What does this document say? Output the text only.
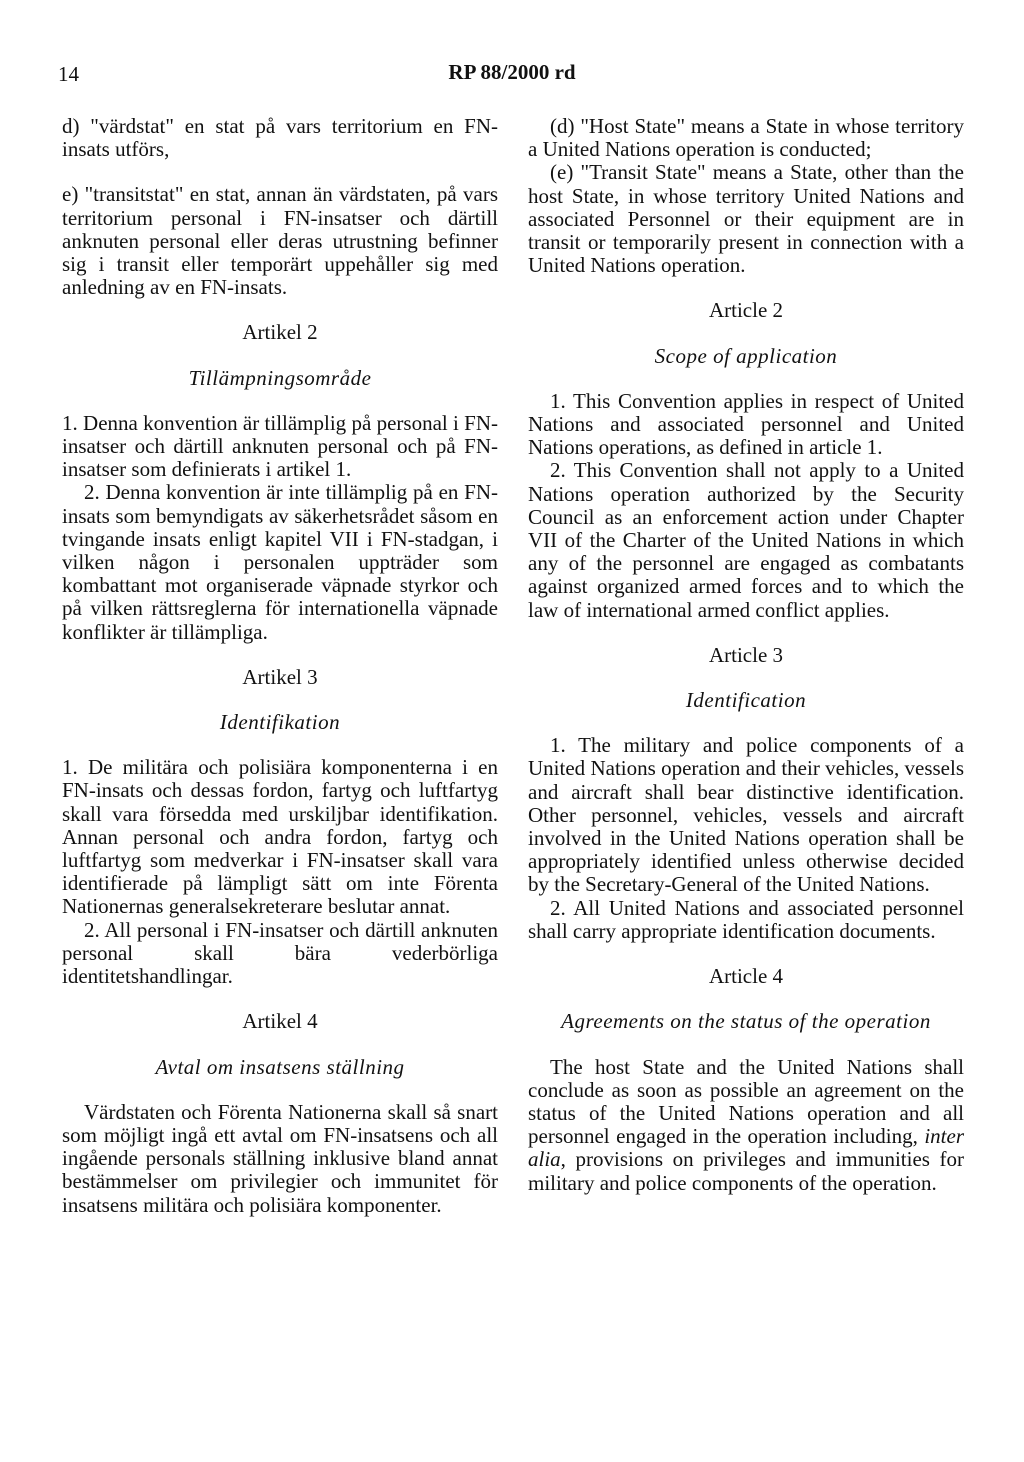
14	RP 88/2000 rd

d) "värdstat" en stat på vars territorium en FN-insats utförs,

e) "transitstat" en stat, annan än värdstaten, på vars territorium personal i FN-insatser och därtill anknuten personal eller deras utrustning befinner sig i transit eller temporärt uppehåller sig med anledning av en FN-insats.

Artikel 2

Tillämpningsområde

1. Denna konvention är tillämplig på personal i FN-insatser och därtill anknuten personal och på FN-insatser som definierats i artikel 1.

2. Denna konvention är inte tillämplig på en FN-insats som bemyndigats av säkerhetsrådet såsom en tvingande insats enligt kapitel VII i FN-stadgan, i vilken någon i personalen uppträder som kombattant mot organiserade väpnade styrkor och på vilken rättsreglerna för internationella väpnade konflikter är tillämpliga.

Artikel 3

Identifikation

1. De militära och polisiära komponenterna i en FN-insats och dessas fordon, fartyg och luftfartyg skall vara försedda med urskiljbar identifikation. Annan personal och andra fordon, fartyg och luftfartyg som medverkar i FN-insatser skall vara identifierade på lämpligt sätt om inte Förenta Nationernas generalsekreterare beslutar annat.

2. All personal i FN-insatser och därtill anknuten personal skall bära vederbörliga identitetshandlingar.

Artikel 4

Avtal om insatsens ställning

Värdstaten och Förenta Nationerna skall så snart som möjligt ingå ett avtal om FN-insatsens och all ingående personals ställning inklusive bland annat bestämmelser om privilegier och immunitet för insatsens militära och polisiära komponenter.

(d) "Host State" means a State in whose territory a United Nations operation is conducted;

(e) "Transit State" means a State, other than the host State, in whose territory United Nations and associated Personnel or their equipment are in transit or temporarily present in connection with a United Nations operation.

Article 2

Scope of application

1. This Convention applies in respect of United Nations and associated personnel and United Nations operations, as defined in article 1.

2. This Convention shall not apply to a United Nations operation authorized by the Security Council as an enforcement action under Chapter VII of the Charter of the United Nations in which any of the personnel are engaged as combatants against organized armed forces and to which the law of international armed conflict applies.

Article 3

Identification

1. The military and police components of a United Nations operation and their vehicles, vessels and aircraft shall bear distinctive identification. Other personnel, vehicles, vessels and aircraft involved in the United Nations operation shall be appropriately identified unless otherwise decided by the Secretary-General of the United Nations.

2. All United Nations and associated personnel shall carry appropriate identification documents.

Article 4

Agreements on the status of the operation

The host State and the United Nations shall conclude as soon as possible an agreement on the status of the United Nations operation and all personnel engaged in the operation including, inter alia, provisions on privileges and immunities for military and police components of the operation.
